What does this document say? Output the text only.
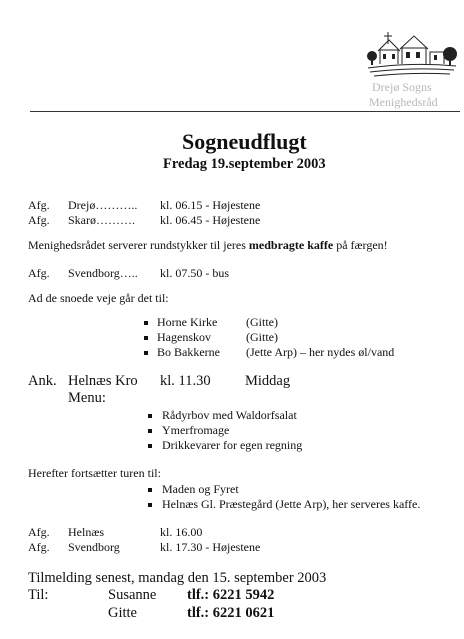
Drejø Sogns
Menighedsråd
Sogneudflugt
Fredag 19.september 2003
Afg. Drejø……….. kl. 06.15 - Højestene
Afg. Skarø………. kl. 06.45 - Højestene
Menighedsrådet serverer rundstykker til jeres medbragte kaffe på færgen!
Afg. Svendborg….. kl. 07.50 - bus
Ad de snoede veje går det til:
Horne Kirke (Gitte)
Hagenskov	(Gitte)
Bo Bakkerne (Jette Arp) – her nydes øl/vand
Ank. Helnæs Kro kl. 11.30 Middag
Menu:
Rådyrbov med Waldorfsalat
Ymerfromage
Drikkevarer for egen regning
Herefter fortsætter turen til:
Maden og Fyret
Helnæs Gl. Præstegård (Jette Arp), her serveres kaffe.
Afg. Helnæs	kl. 16.00
Afg. Svendborg	kl. 17.30 - Højestene
Tilmelding senest, mandag den 15. september 2003
Til:	Susanne tlf.: 6221 5942
Gitte	tlf.: 6221 0621
